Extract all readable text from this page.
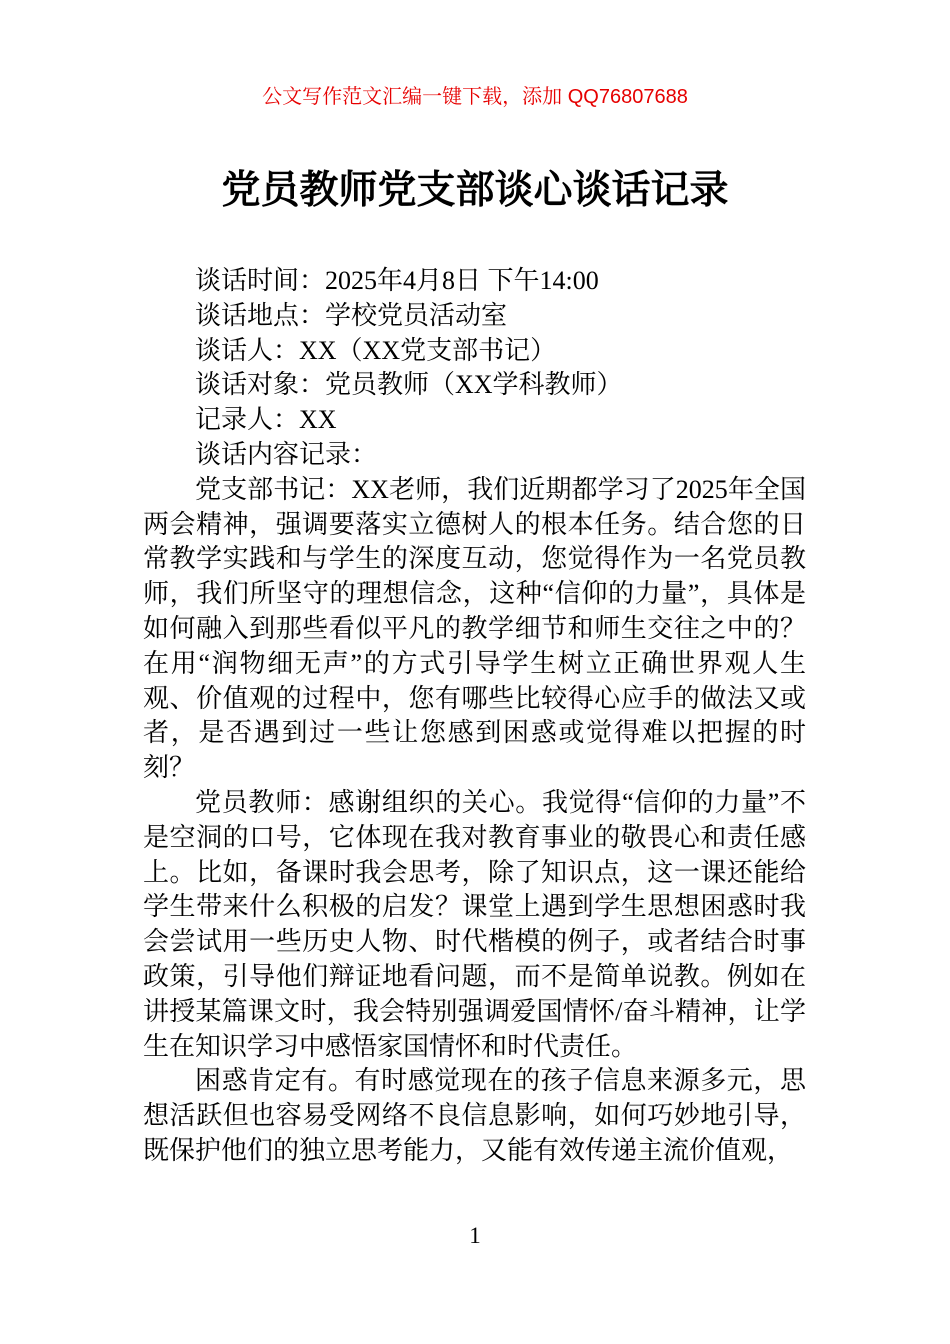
公文写作范文汇编一键下载，添加 QQ76807688
党员教师党支部谈心谈话记录

谈话时间：2025年4月8日 下午14:00

谈话地点：学校党员活动室

谈话人：XX（XX党支部书记）

谈话对象：党员教师（XX学科教师）

记录人：XX

谈话内容记录：

党支部书记：XX老师，我们近期都学习了2025年全国两会精神，强调要落实立德树人的根本任务。结合您的日常教学实践和与学生的深度互动，您觉得作为一名党员教师，我们所坚守的理想信念，这种“信仰的力量”，具体是如何融入到那些看似平凡的教学细节和师生交往之中的？在用“润物细无声”的方式引导学生树立正确世界观人生观、价值观的过程中，您有哪些比较得心应手的做法又或者，是否遇到过一些让您感到困惑或觉得难以把握的时刻？

党员教师：感谢组织的关心。我觉得“信仰的力量”不是空洞的口号，它体现在我对教育事业的敬畏心和责任感上。比如，备课时我会思考，除了知识点，这一课还能给学生带来什么积极的启发？课堂上遇到学生思想困惑时我会尝试用一些历史人物、时代楷模的例子，或者结合时事政策，引导他们辩证地看问题，而不是简单说教。例如在讲授某篇课文时，我会特别强调爱国情怀/奋斗精神，让学生在知识学习中感悟家国情怀和时代责任。

困惑肯定有。有时感觉现在的孩子信息来源多元，思想活跃但也容易受网络不良信息影响，如何巧妙地引导，既保护他们的独立思考能力，又能有效传递主流价值观，

1
